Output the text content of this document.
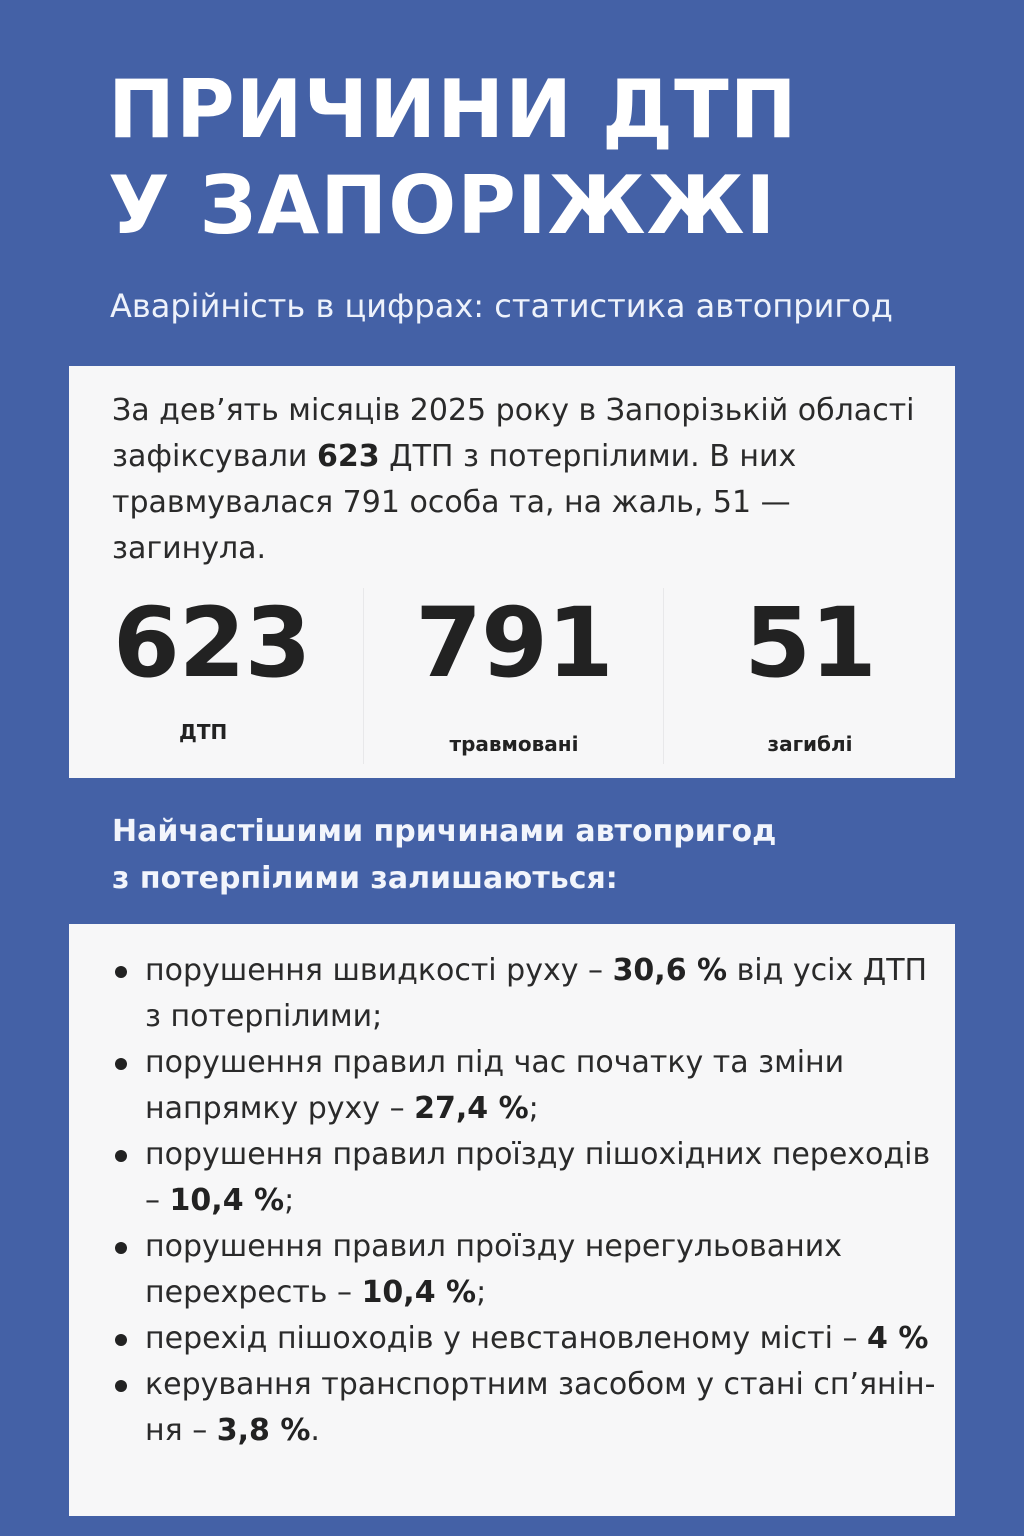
ПРИЧИНИ ДТП
У ЗАПОРІЖЖІ

Аварійність в цифрах: статистика автопригод

За дев’ять місяців 2025 року в Запорізькій області зафіксували 623 ДТП з потерпілими. В них травмувалася 791 особа та, на жаль, 51 — загинула.

623
ДТП
791
травмовані
51
загиблі
Найчастішими причинами автопригод
з потерпілими залишаються:
порушення швидкості руху – 30,6 % від усіх ДТП з потерпілими;
порушення правил під час початку та зміни напрямку руху – 27,4 %;
порушення правил проїзду пішохідних переходів – 10,4 %;
порушення правил проїзду нерегульованих перехресть – 10,4 %;
перехід пішоходів у невстановленому місті – 4 %
керування транспортним засобом у стані сп’янін-ня – 3,8 %.
